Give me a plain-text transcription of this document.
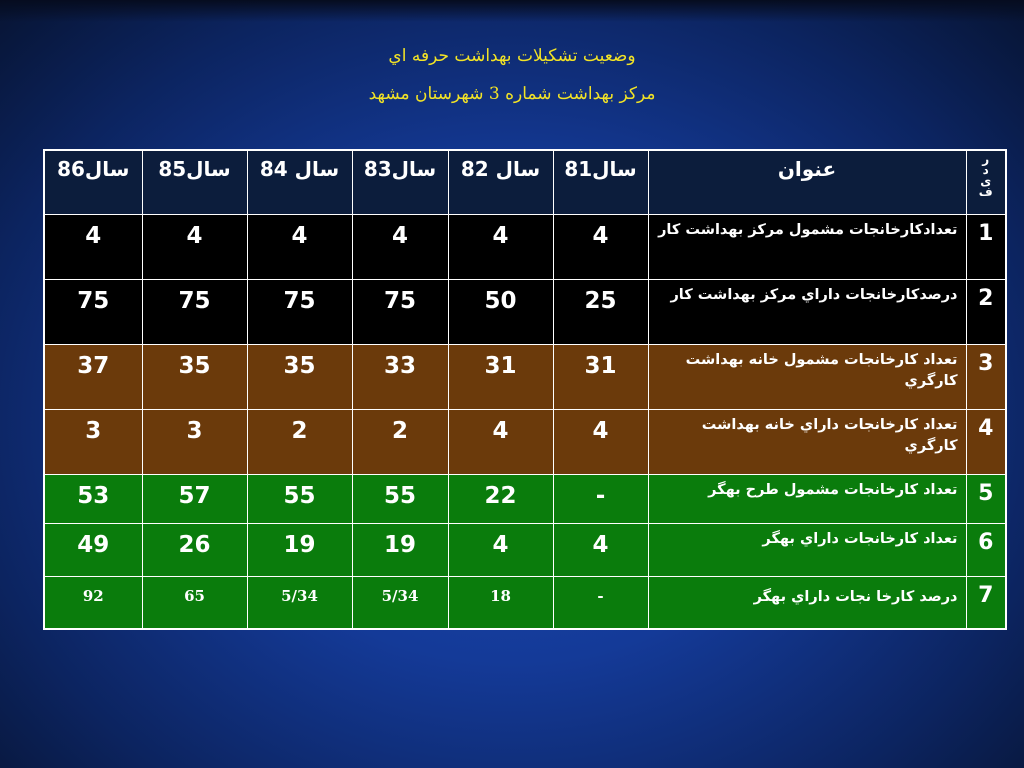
وضعيت تشكيلات بهداشت حرفه اي
مركز بهداشت شماره 3 شهرستان مشهد
ر
د
ی
ف	عنوان	سال81	سال 82	سال83	سال 84	سال85	سال86
1	تعدادكارخانجات مشمول مركز بهداشت كار	4	4	4	4	4	4
2	درصدكارخانجات داراي مركز بهداشت كار	25	50	75	75	75	75
3	تعداد كارخانجات مشمول خانه بهداشت كارگري	31	31	33	35	35	37
4	تعداد كارخانجات داراي خانه بهداشت كارگري	4	4	2	2	3	3
5	تعداد كارخانجات مشمول طرح بهگر	-	22	55	55	57	53
6	تعداد كارخانجات داراي بهگر	4	4	19	19	26	49
7	درصد كارخا نجات داراي بهگر	-	18	5/34	5/34	65	92
